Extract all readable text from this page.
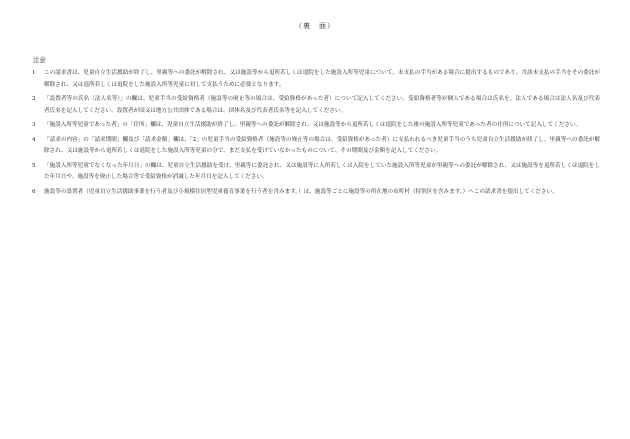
（裏　面）
注意
1	この請求書は、児童自立生活援助が終了し、里親等への委託が解除され、又は施設等から退所若しくは退院をした施設入所等児童について、未支払の手当がある場合に提出するものであり、当該未支払の手当をその委託が解除され、又は退所若しくは退院をした施設入所等児童に対して支払うために必要となります。
2	「設置者等の氏名（法人名等）」の欄は、児童手当の受給資格者（施設等の廃止等の場合は、受給資格があった者）について記入してください。受給資格者等が個人である場合は氏名を、法人である場合は法人名及び代表者氏名を記入してください。設置者が国又は地方公共団体である場合は、団体名及び代表者氏名等を記入してください。
3	「施設入所等児童であった者」の「住所」欄は、児童自立生活援助が終了し、里親等への委託が解除され、又は施設等から退所若しくは退院をした後の施設入所等児童であった者の住所について記入してください。
4	「請求の内容」の「請求期間」欄及び「請求金額」欄は、「2」の児童手当の受給資格者（施設等の廃止等の場合は、受給資格があった者）に支払われるべき児童手当のうち児童自立生活援助が終了し、里親等への委託が解除され、又は施設等から退所若しくは退院をした施設入所等児童の分で、まだ支払を受けていなかったものについて、その期間及び金額を記入してください。
5	「施設入所等児童でなくなった年月日」の欄は、児童自立生活援助を受け、里親等に委託され、又は施設等に入所若しくは入院をしていた施設入所等児童が里親等への委託が解除され、又は施設等を退所若しくは退院をした年月日や、施設等を廃止した場合等で受給資格が消滅した年月日を記入してください。
6	施設等の設置者（児童自立生活援助事業を行う者及び小規模住居型児童養育事業を行う者を含みます。）は、施設等ごとに施設等の所在地の市町村（特別区を含みます。）へこの請求書を提出してください。
